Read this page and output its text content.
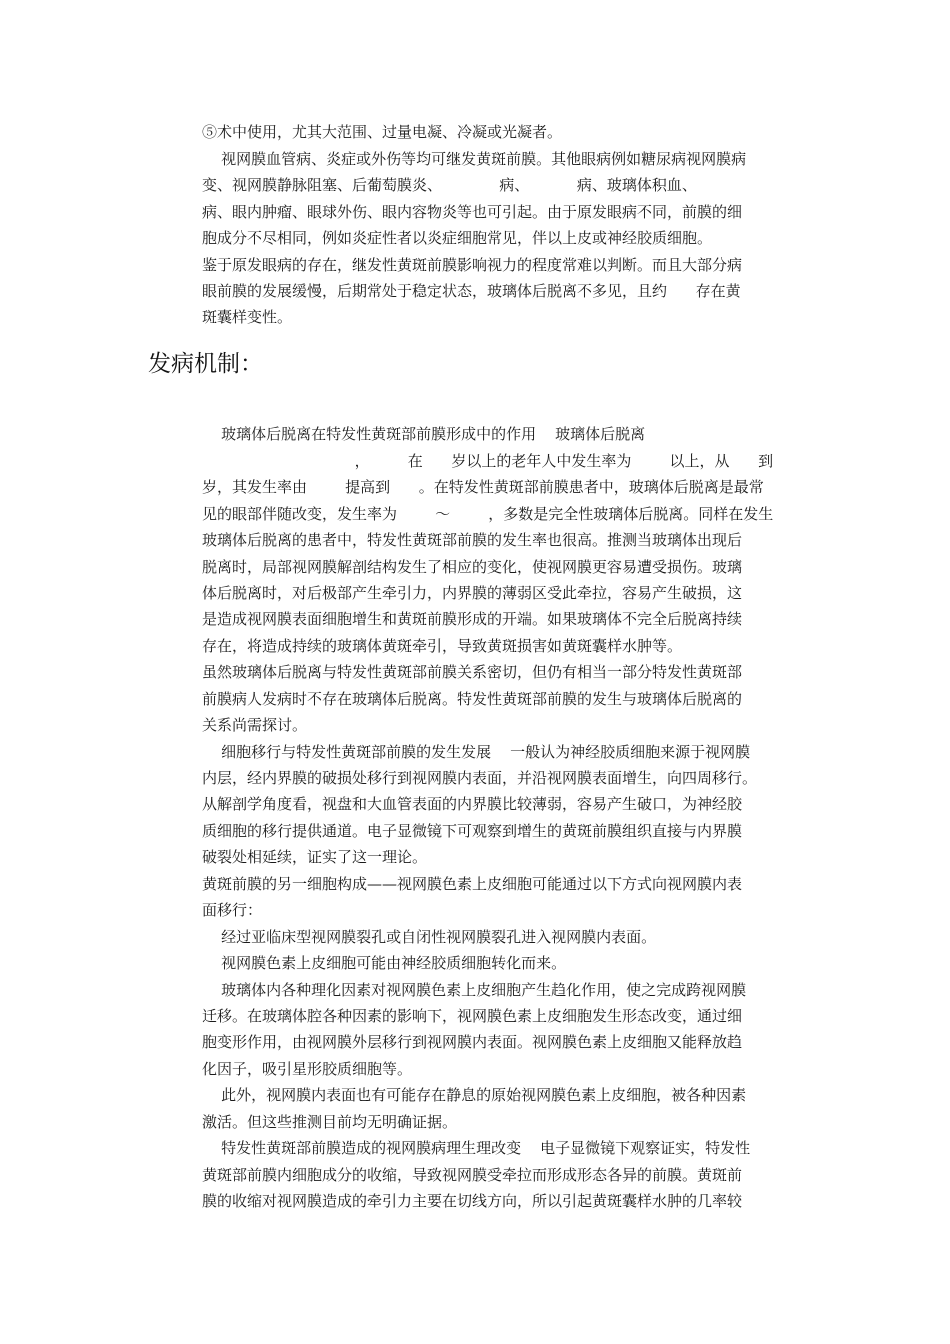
⑤术中使用，尤其大范围、过量电凝、冷凝或光凝者。
视网膜血管病、炎症或外伤等均可继发黄斑前膜。其他眼病例如糖尿病视网膜病
变、视网膜静脉阻塞、后葡萄膜炎、            病、          病、玻璃体积血、
病、眼内肿瘤、眼球外伤、眼内容物炎等也可引起。由于原发眼病不同，前膜的细
胞成分不尽相同，例如炎症性者以炎症细胞常见，伴以上皮或神经胶质细胞。
鉴于原发眼病的存在，继发性黄斑前膜影响视力的程度常难以判断。而且大部分病
眼前膜的发展缓慢，后期常处于稳定状态，玻璃体后脱离不多见，且约      存在黄
斑囊样变性。
发病机制：
玻璃体后脱离在特发性黄斑部前膜形成中的作用    玻璃体后脱离
，        在      岁以上的老年人中发生率为        以上，从      到
岁，其发生率由        提高到      。在特发性黄斑部前膜患者中，玻璃体后脱离是最常
见的眼部伴随改变，发生率为        ～        ，多数是完全性玻璃体后脱离。同样在发生
玻璃体后脱离的患者中，特发性黄斑部前膜的发生率也很高。推测当玻璃体出现后
脱离时，局部视网膜解剖结构发生了相应的变化，使视网膜更容易遭受损伤。玻璃
体后脱离时，对后极部产生牵引力，内界膜的薄弱区受此牵拉，容易产生破损，这
是造成视网膜表面细胞增生和黄斑前膜形成的开端。如果玻璃体不完全后脱离持续
存在，将造成持续的玻璃体黄斑牵引，导致黄斑损害如黄斑囊样水肿等。
虽然玻璃体后脱离与特发性黄斑部前膜关系密切，但仍有相当一部分特发性黄斑部
前膜病人发病时不存在玻璃体后脱离。特发性黄斑部前膜的发生与玻璃体后脱离的
关系尚需探讨。
细胞移行与特发性黄斑部前膜的发生发展    一般认为神经胶质细胞来源于视网膜
内层，经内界膜的破损处移行到视网膜内表面，并沿视网膜表面增生，向四周移行。
从解剖学角度看，视盘和大血管表面的内界膜比较薄弱，容易产生破口，为神经胶
质细胞的移行提供通道。电子显微镜下可观察到增生的黄斑前膜组织直接与内界膜
破裂处相延续，证实了这一理论。
黄斑前膜的另一细胞构成——视网膜色素上皮细胞可能通过以下方式向视网膜内表
面移行：
经过亚临床型视网膜裂孔或自闭性视网膜裂孔进入视网膜内表面。
视网膜色素上皮细胞可能由神经胶质细胞转化而来。
玻璃体内各种理化因素对视网膜色素上皮细胞产生趋化作用，使之完成跨视网膜
迁移。在玻璃体腔各种因素的影响下，视网膜色素上皮细胞发生形态改变，通过细
胞变形作用，由视网膜外层移行到视网膜内表面。视网膜色素上皮细胞又能释放趋
化因子，吸引星形胶质细胞等。
此外，视网膜内表面也有可能存在静息的原始视网膜色素上皮细胞，被各种因素
激活。但这些推测目前均无明确证据。
特发性黄斑部前膜造成的视网膜病理生理改变    电子显微镜下观察证实，特发性
黄斑部前膜内细胞成分的收缩，导致视网膜受牵拉而形成形态各异的前膜。黄斑前
膜的收缩对视网膜造成的牵引力主要在切线方向，所以引起黄斑囊样水肿的几率较
